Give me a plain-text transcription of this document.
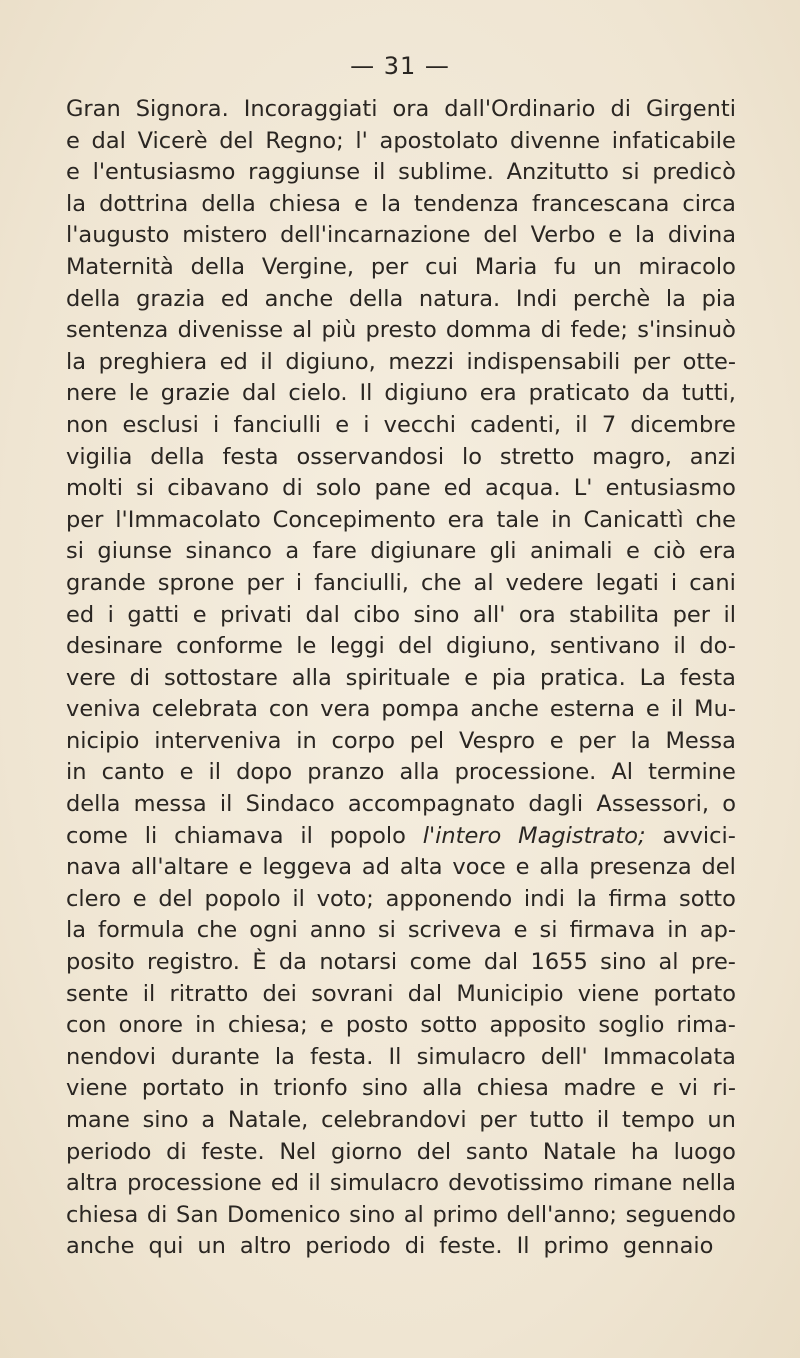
— 31 —
Gran Signora. Incoraggiati ora dall'Ordinario di Girgenti
e dal Vicerè del Regno; l' apostolato divenne infaticabile
e l'entusiasmo raggiunse il sublime. Anzitutto si predicò
la dottrina della chiesa e la tendenza francescana circa
l'augusto mistero dell'incarnazione del Verbo e la divina
Maternità della Vergine, per cui Maria fu un miracolo
della grazia ed anche della natura. Indi perchè la pia
sentenza divenisse al più presto domma di fede; s'insinuò
la preghiera ed il digiuno, mezzi indispensabili per otte-
nere le grazie dal cielo. Il digiuno era praticato da tutti,
non esclusi i fanciulli e i vecchi cadenti, il 7 dicembre
vigilia della festa osservandosi lo stretto magro, anzi
molti si cibavano di solo pane ed acqua. L' entusiasmo
per l'Immacolato Concepimento era tale in Canicattì che
si giunse sinanco a fare digiunare gli animali e ciò era
grande sprone per i fanciulli, che al vedere legati i cani
ed i gatti e privati dal cibo sino all' ora stabilita per il
desinare conforme le leggi del digiuno, sentivano il do-
vere di sottostare alla spirituale e pia pratica. La festa
veniva celebrata con vera pompa anche esterna e il Mu-
nicipio interveniva in corpo pel Vespro e per la Messa
in canto e il dopo pranzo alla processione. Al termine
della messa il Sindaco accompagnato dagli Assessori, o
come li chiamava il popolo l'intero Magistrato; avvici-
nava all'altare e leggeva ad alta voce e alla presenza del
clero e del popolo il voto; apponendo indi la firma sotto
la formula che ogni anno si scriveva e si firmava in ap-
posito registro. È da notarsi come dal 1655 sino al pre-
sente il ritratto dei sovrani dal Municipio viene portato
con onore in chiesa; e posto sotto apposito soglio rima-
nendovi durante la festa. Il simulacro dell' Immacolata
viene portato in trionfo sino alla chiesa madre e vi ri-
mane sino a Natale, celebrandovi per tutto il tempo un
periodo di feste. Nel giorno del santo Natale ha luogo
altra processione ed il simulacro devotissimo rimane nella
chiesa di San Domenico sino al primo dell'anno; seguendo
anche qui un altro periodo di feste. Il primo gennaio
